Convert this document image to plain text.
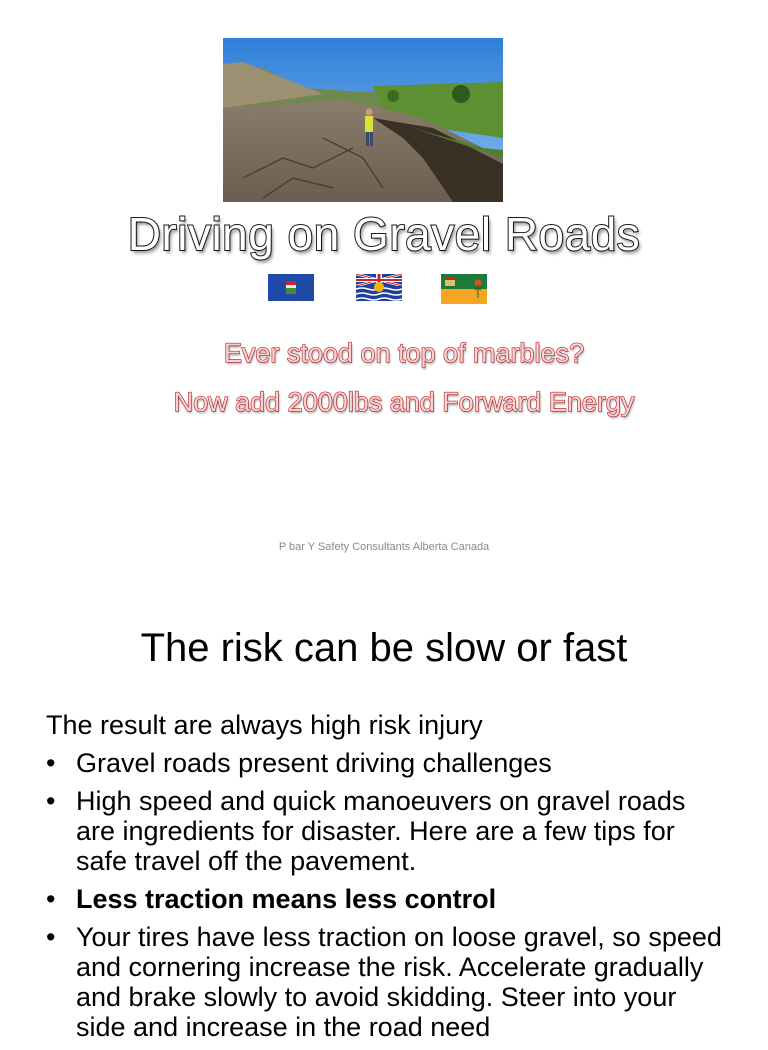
Driving on Gravel Roads
Ever stood on top of marbles?
Now add 2000lbs and Forward Energy
P bar Y Safety Consultants Alberta Canada
The risk can be slow or fast

The result are always high risk injury

• Gravel roads present driving challenges
• High speed and quick manoeuvers on gravel roads are ingredients for disaster. Here are a few tips for safe travel off the pavement.
• Less traction means less control
• Your tires have less traction on loose gravel, so speed and cornering increase the risk. Accelerate gradually and brake slowly to avoid skidding. Steer into your side and increase in the road need
